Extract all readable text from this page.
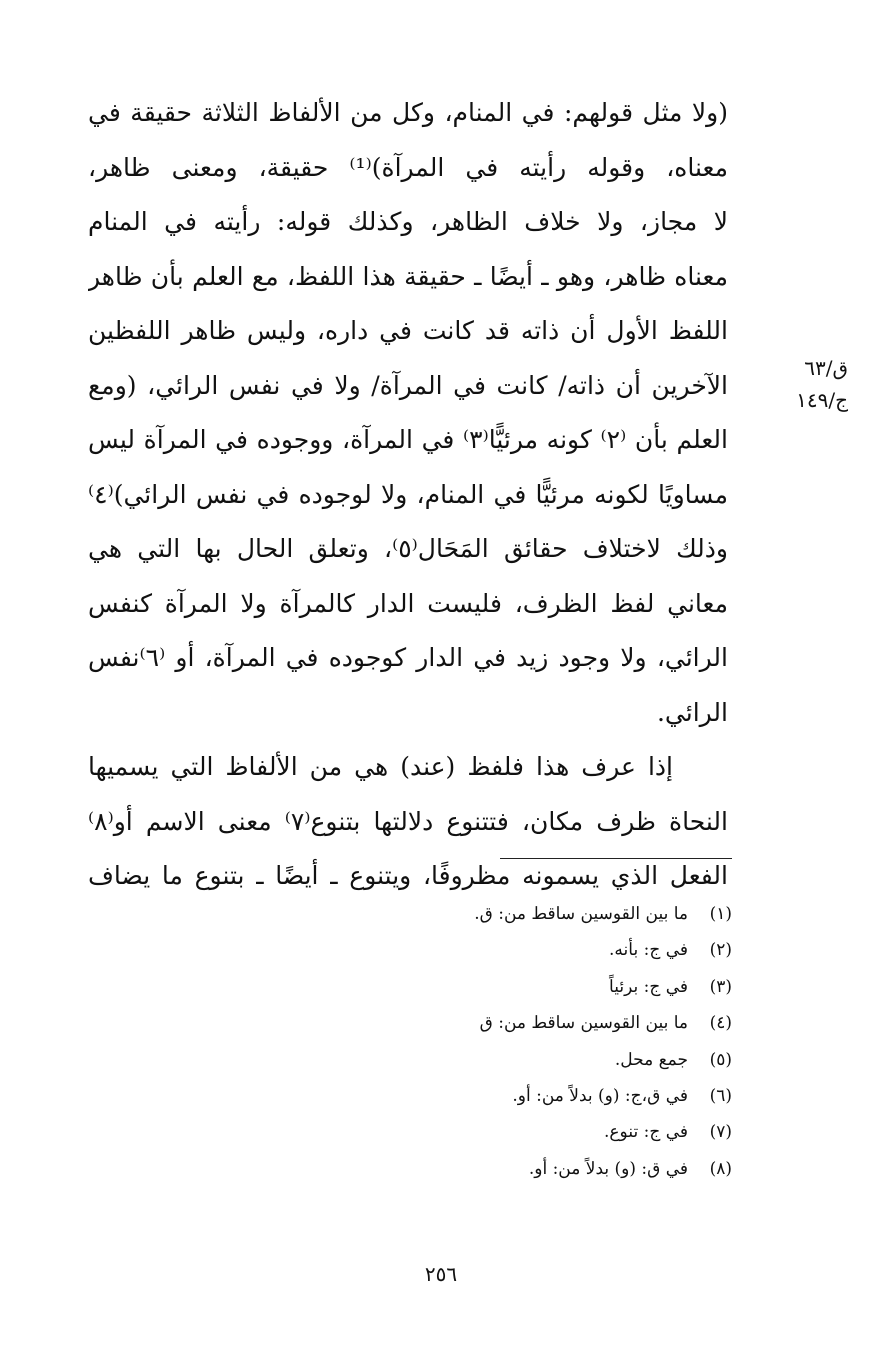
(ولا مثل قولهم: في المنام، وكل من الألفاظ الثلاثة حقيقة في
معناه، وقوله رأيته في المرآة)⁽¹⁾ حقيقة، ومعنى ظاهر،
لا مجاز، ولا خلاف الظاهر، وكذلك قوله: رأيته في المنام
معناه ظاهر، وهو ـ أيضًا ـ حقيقة هذا اللفظ، مع العلم بأن ظاهر
اللفظ الأول أن ذاته قد كانت في داره، وليس ظاهر اللفظين
الآخرين أن ذاته/ كانت في المرآة/ ولا في نفس الرائي، (ومع
العلم بأن ⁽٢⁾ كونه مرئيًّا⁽٣⁾ في المرآة، ووجوده في المرآة ليس
مساويًا لكونه مرئيًّا في المنام، ولا لوجوده في نفس الرائي)⁽٤⁾
وذلك لاختلاف حقائق المَحَال⁽٥⁾، وتعلق الحال بها التي هي
معاني لفظ الظرف، فليست الدار كالمرآة ولا المرآة كنفس
الرائي، ولا وجود زيد في الدار كوجوده في المرآة، أو ⁽٦⁾نفس
الرائي.
إذا عرف هذا فلفظ (عند) هي من الألفاظ التي يسميها
النحاة ظرف مكان، فتتنوع دلالتها بتنوع⁽٧⁾ معنى الاسم أو⁽٨⁾
الفعل الذي يسمونه مظروفًا، ويتنوع ـ أيضًا ـ بتنوع ما يضاف
ق/٦٣
ج/١٤٩
(١)ما بين القوسين ساقط من: ق.
(٢)في ج: بأنه.
(٣)في ج: برئياً
(٤)ما بين القوسين ساقط من: ق
(٥)جمع محل.
(٦)في ق،ج: (و) بدلاً من: أو.
(٧)في ج: تنوع.
(٨)في ق: (و) بدلاً من: أو.
٢٥٦
